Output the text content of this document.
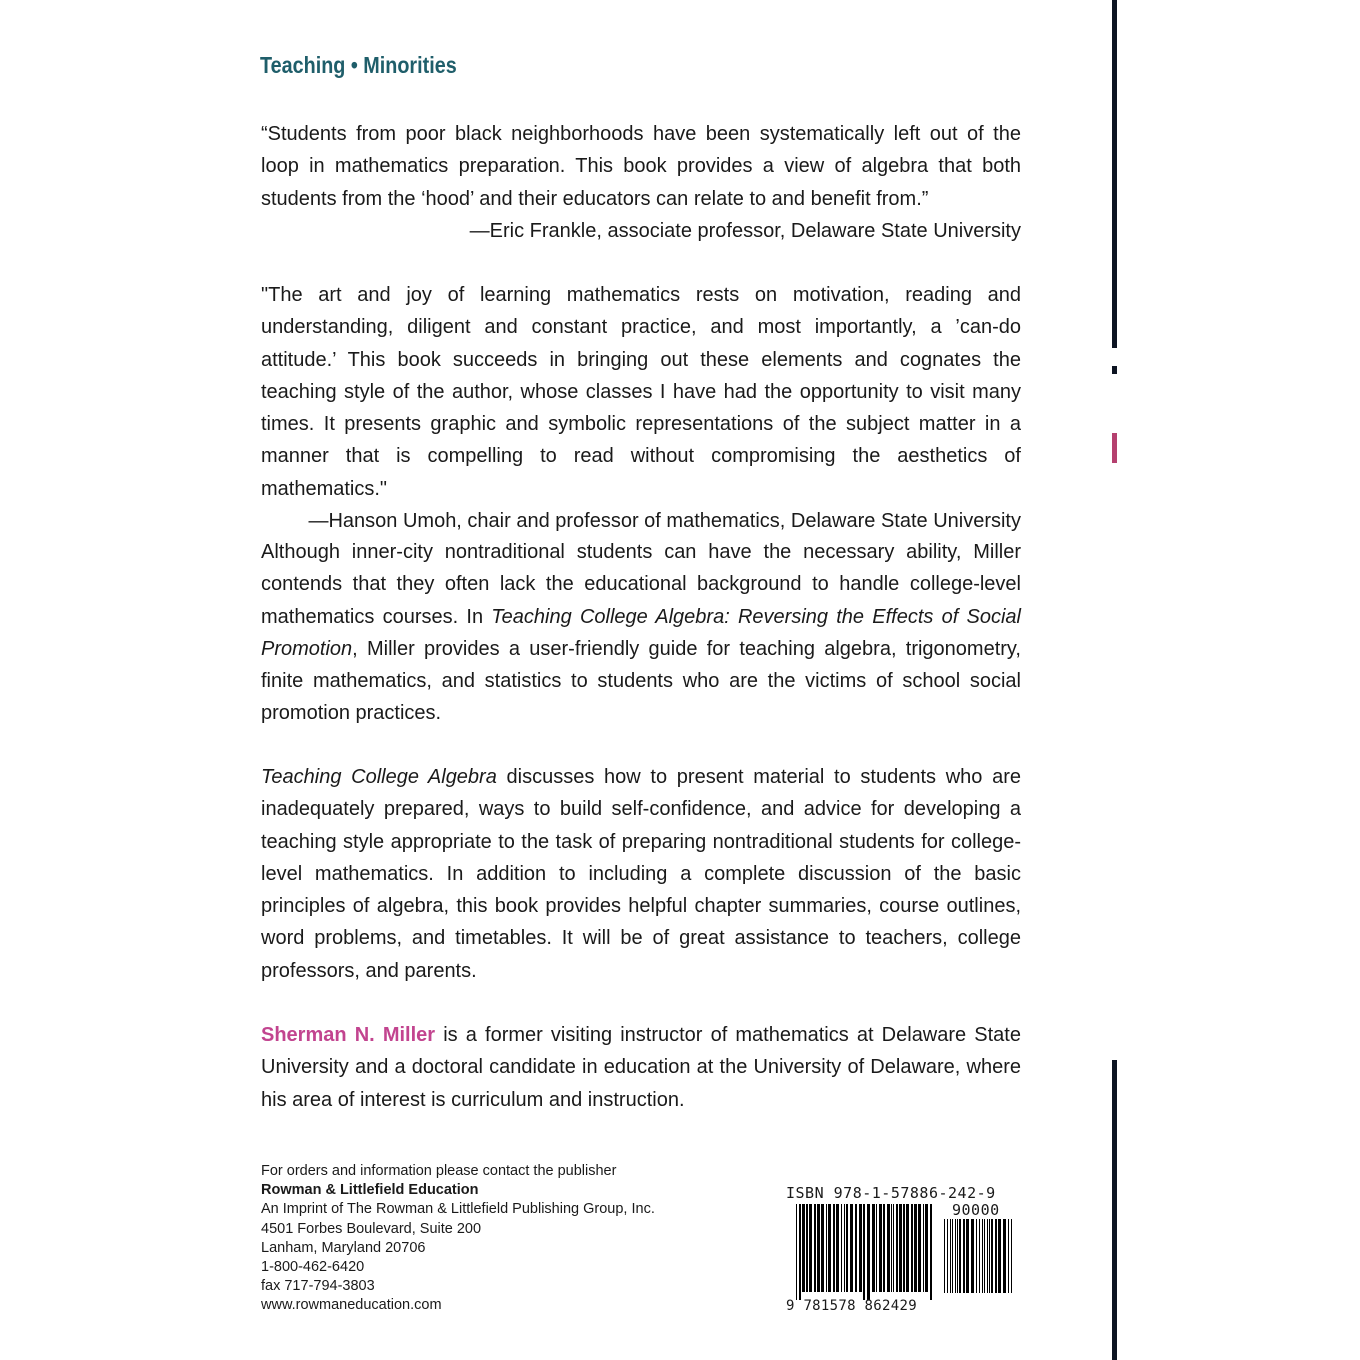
Teaching • Minorities

“Students from poor black neighborhoods have been systematically left out of the loop in mathematics preparation. This book provides a view of algebra that both students from the ‘hood’ and their educators can relate to and benefit from.”

—Eric Frankle, associate professor, Delaware State University

"The art and joy of learning mathematics rests on motivation, reading and understanding, diligent and constant practice, and most importantly, a ’can-do attitude.’ This book succeeds in bringing out these elements and cognates the teaching style of the author, whose classes I have had the opportunity to visit many times. It presents graphic and symbolic representations of the subject matter in a manner that is compelling to read without compromising the aesthetics of mathematics."

—Hanson Umoh, chair and professor of mathematics, Delaware State University

Although inner-city nontraditional students can have the necessary ability, Miller contends that they often lack the educational background to handle college-level mathematics courses. In Teaching College Algebra: Reversing the Effects of Social Promotion, Miller provides a user-friendly guide for teaching algebra, trigonometry, finite mathematics, and statistics to students who are the victims of school social promotion practices.

Teaching College Algebra discusses how to present material to students who are inadequately prepared, ways to build self-confidence, and advice for developing a teaching style appropriate to the task of preparing nontraditional students for college-level mathematics. In addition to including a complete discussion of the basic principles of algebra, this book provides helpful chapter summaries, course outlines, word problems, and timetables. It will be of great assistance to teachers, college professors, and parents.

Sherman N. Miller is a former visiting instructor of mathematics at Delaware State University and a doctoral candidate in education at the University of Delaware, where his area of interest is curriculum and instruction.

For orders and information please contact the publisher
Rowman & Littlefield Education
An Imprint of The Rowman & Littlefield Publishing Group, Inc.
4501 Forbes Boulevard, Suite 200
Lanham, Maryland 20706
1-800-462-6420
fax 717-794-3803
www.rowmaneducation.com
ISBN 978-1-57886-242-9
90000
9 781578 862429
